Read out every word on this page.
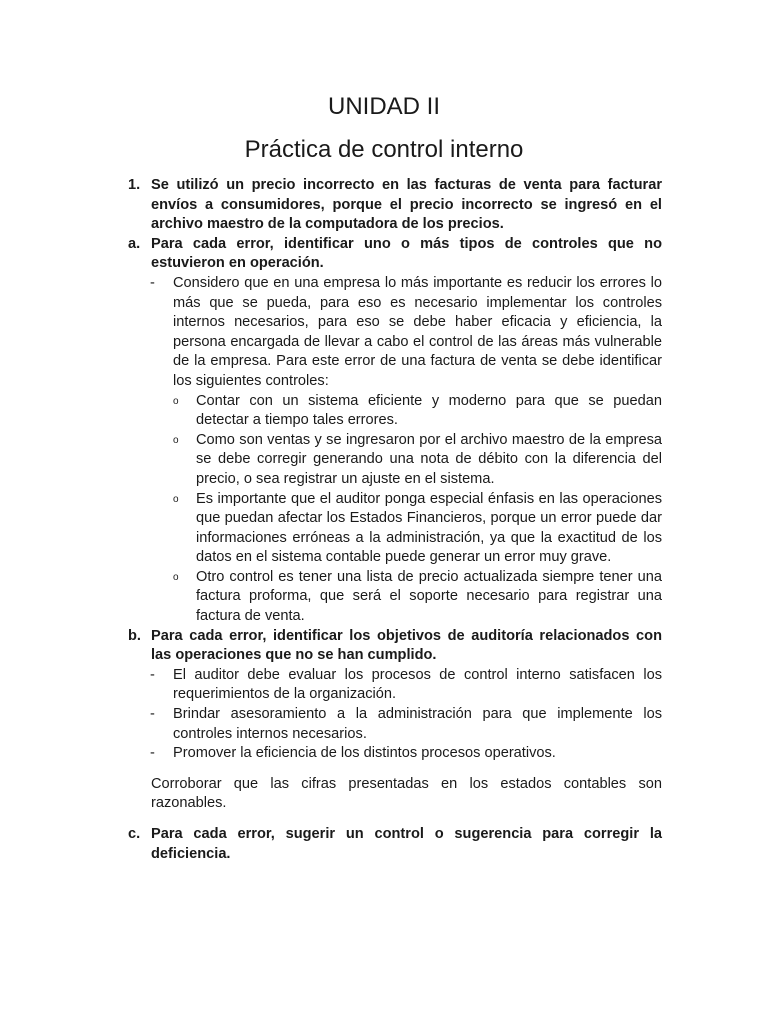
UNIDAD II
Práctica de control interno
1. Se utilizó un precio incorrecto en las facturas de venta para facturar envíos a consumidores, porque el precio incorrecto se ingresó en el archivo maestro de la computadora de los precios.
a. Para cada error, identificar uno o más tipos de controles que no estuvieron en operación.
- Considero que en una empresa lo más importante es reducir los errores lo más que se pueda, para eso es necesario implementar los controles internos necesarios, para eso se debe haber eficacia y eficiencia, la persona encargada de llevar a cabo el control de las áreas más vulnerable de la empresa. Para este error de una factura de venta se debe identificar los siguientes controles:
o Contar con un sistema eficiente y moderno para que se puedan detectar a tiempo tales errores.
o Como son ventas y se ingresaron por el archivo maestro de la empresa se debe corregir generando una nota de débito con la diferencia del precio, o sea registrar un ajuste en el sistema.
o Es importante que el auditor ponga especial énfasis en las operaciones que puedan afectar los Estados Financieros, porque un error puede dar informaciones erróneas a la administración, ya que la exactitud de los datos en el sistema contable puede generar un error muy grave.
o Otro control es tener una lista de precio actualizada siempre tener una factura proforma, que será el soporte necesario para registrar una factura de venta.
b. Para cada error, identificar los objetivos de auditoría relacionados con las operaciones que no se han cumplido.
- El auditor debe evaluar los procesos de control interno satisfacen los requerimientos de la organización.
- Brindar asesoramiento a la administración para que implemente los controles internos necesarios.
- Promover la eficiencia de los distintos procesos operativos.
Corroborar que las cifras presentadas en los estados contables son razonables.
c. Para cada error, sugerir un control o sugerencia para corregir la deficiencia.
